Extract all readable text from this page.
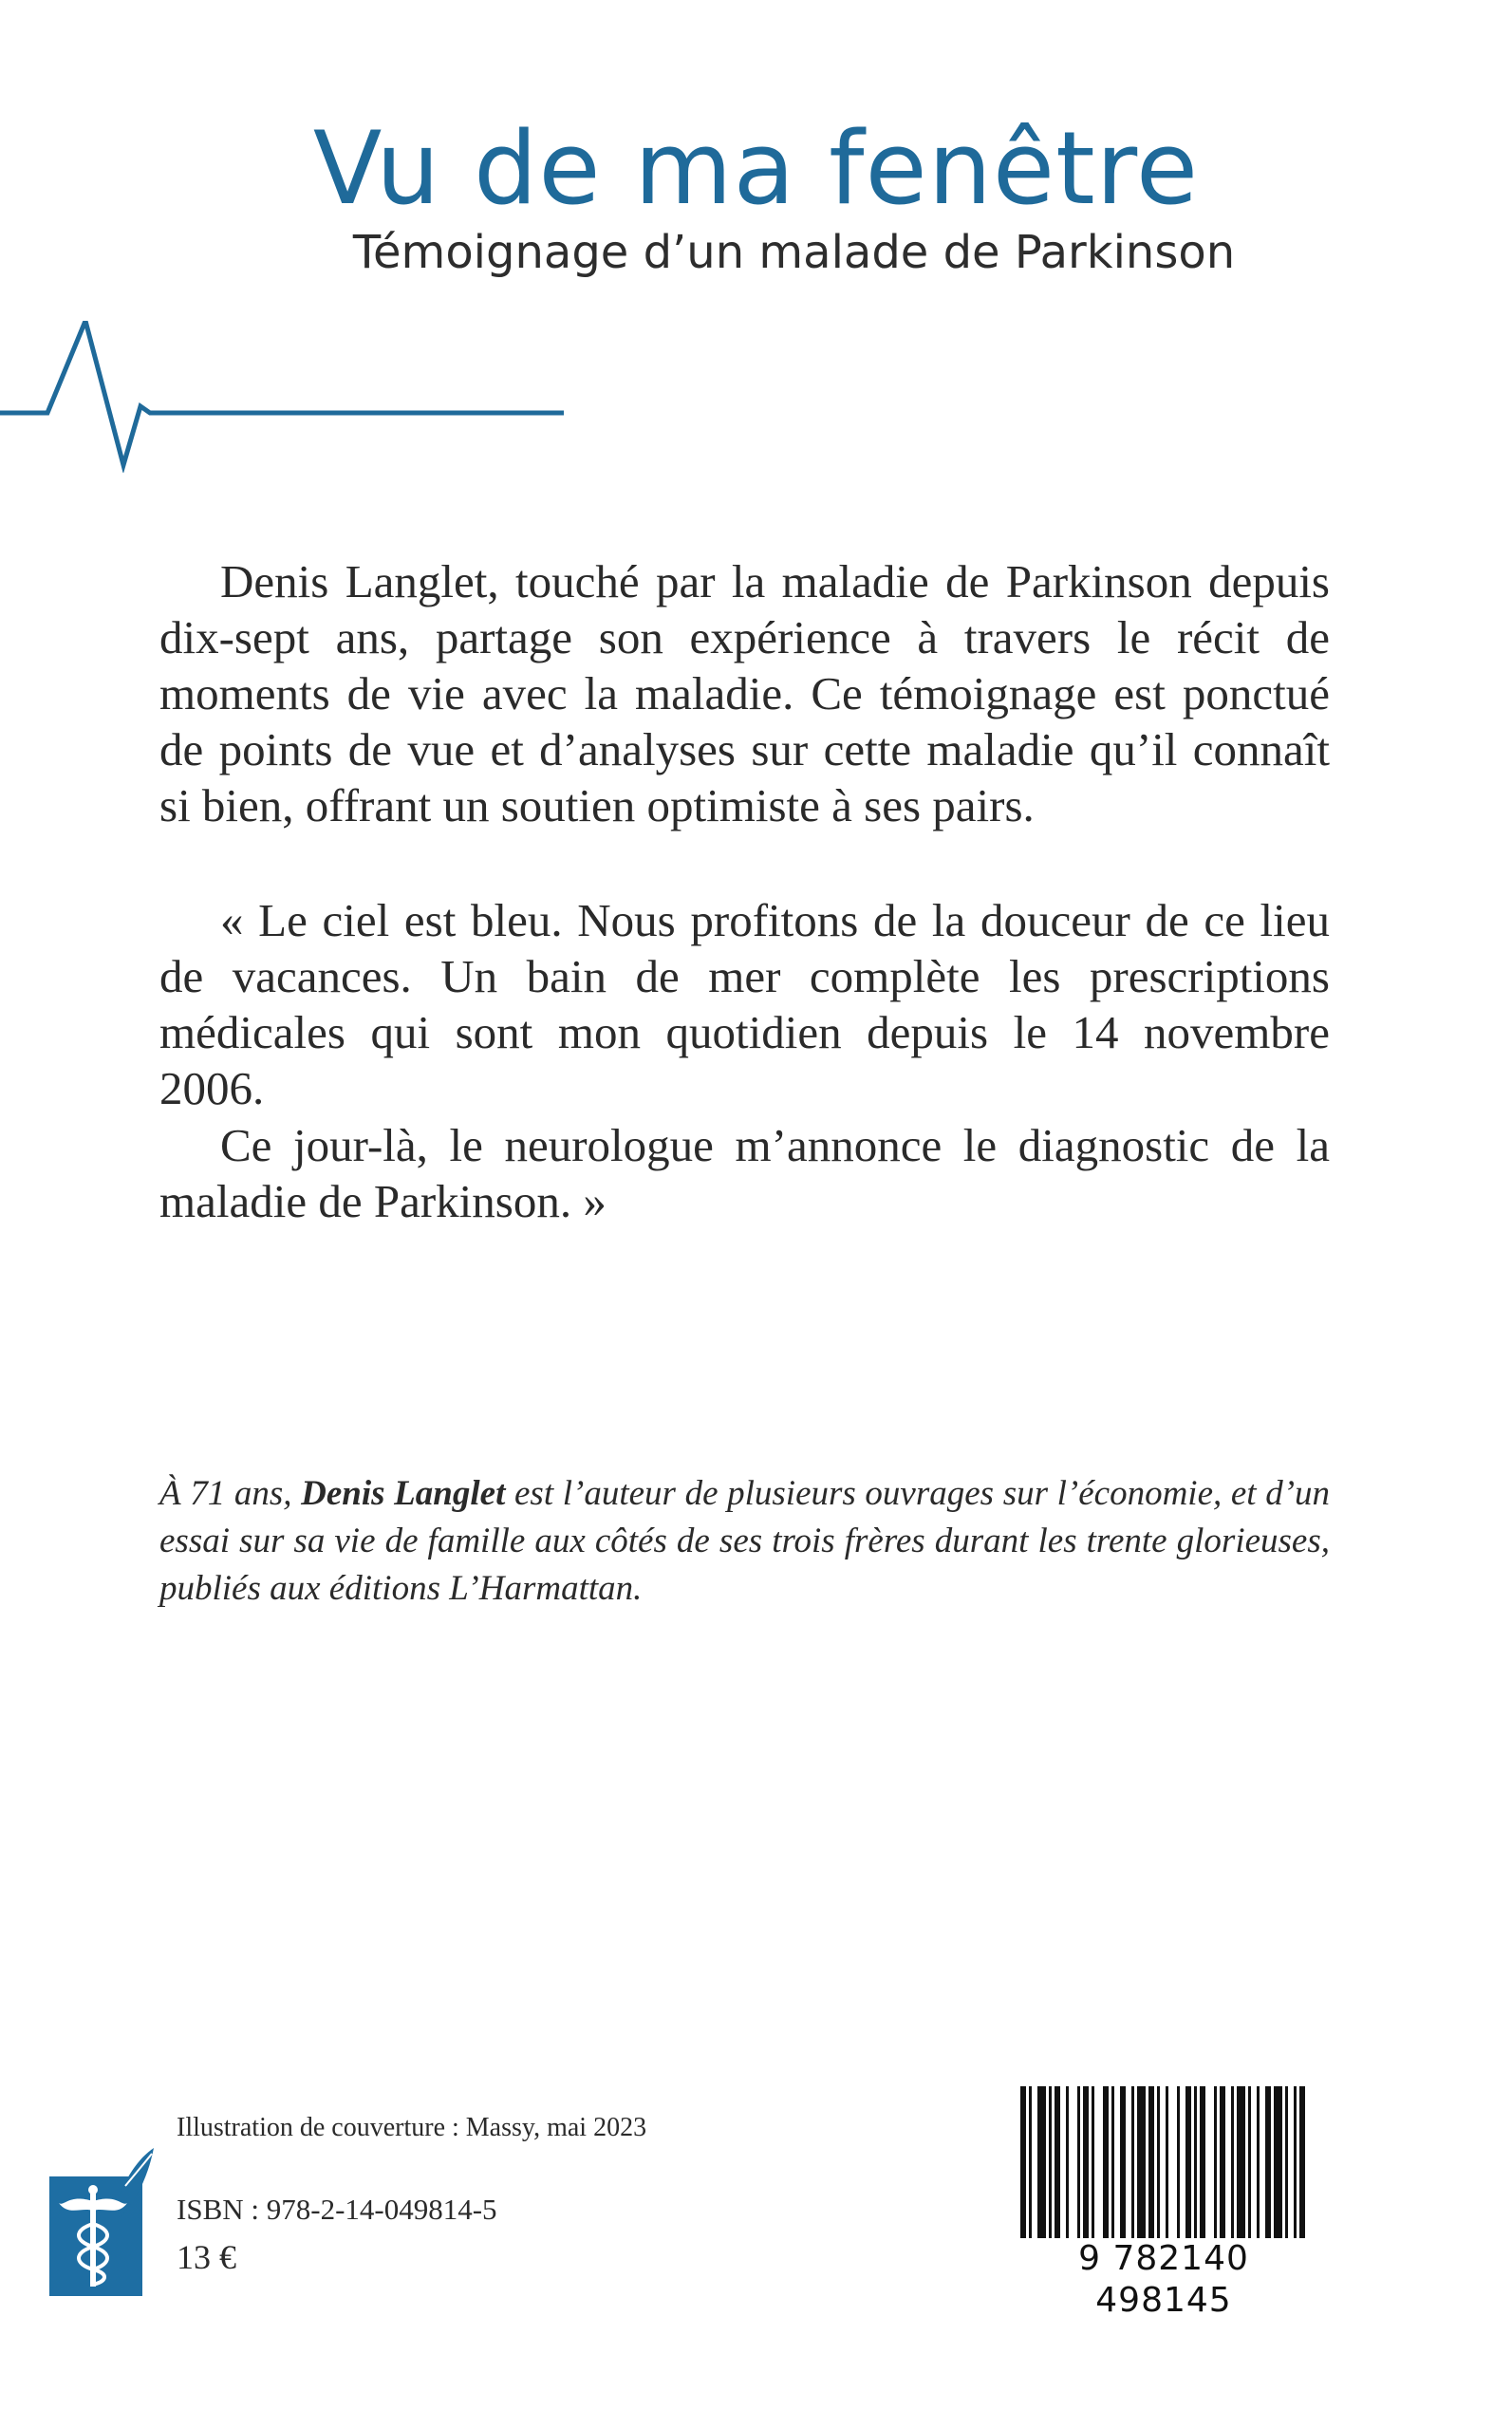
Vu de ma fenêtre
Témoignage d’un malade de Parkinson

Denis Langlet, touché par la maladie de Parkinson depuis dix-sept ans, partage son expérience à travers le récit de moments de vie avec la maladie. Ce témoignage est ponctué de points de vue et d’analyses sur cette maladie qu’il connaît si bien, offrant un soutien optimiste à ses pairs.

« Le ciel est bleu. Nous profitons de la douceur de ce lieu de vacances. Un bain de mer complète les prescriptions médicales qui sont mon quotidien depuis le 14 novembre 2006.

Ce jour-là, le neurologue m’annonce le diagnostic de la maladie de Parkinson. »

À 71 ans, Denis Langlet est l’auteur de plusieurs ouvrages sur l’économie, et d’un essai sur sa vie de famille aux côtés de ses trois frères durant les trente glorieuses, publiés aux éditions L’Harmattan.

Illustration de couverture : Massy, mai 2023

ISBN : 978-2-14-049814-5

13 €	9 782140 498145
